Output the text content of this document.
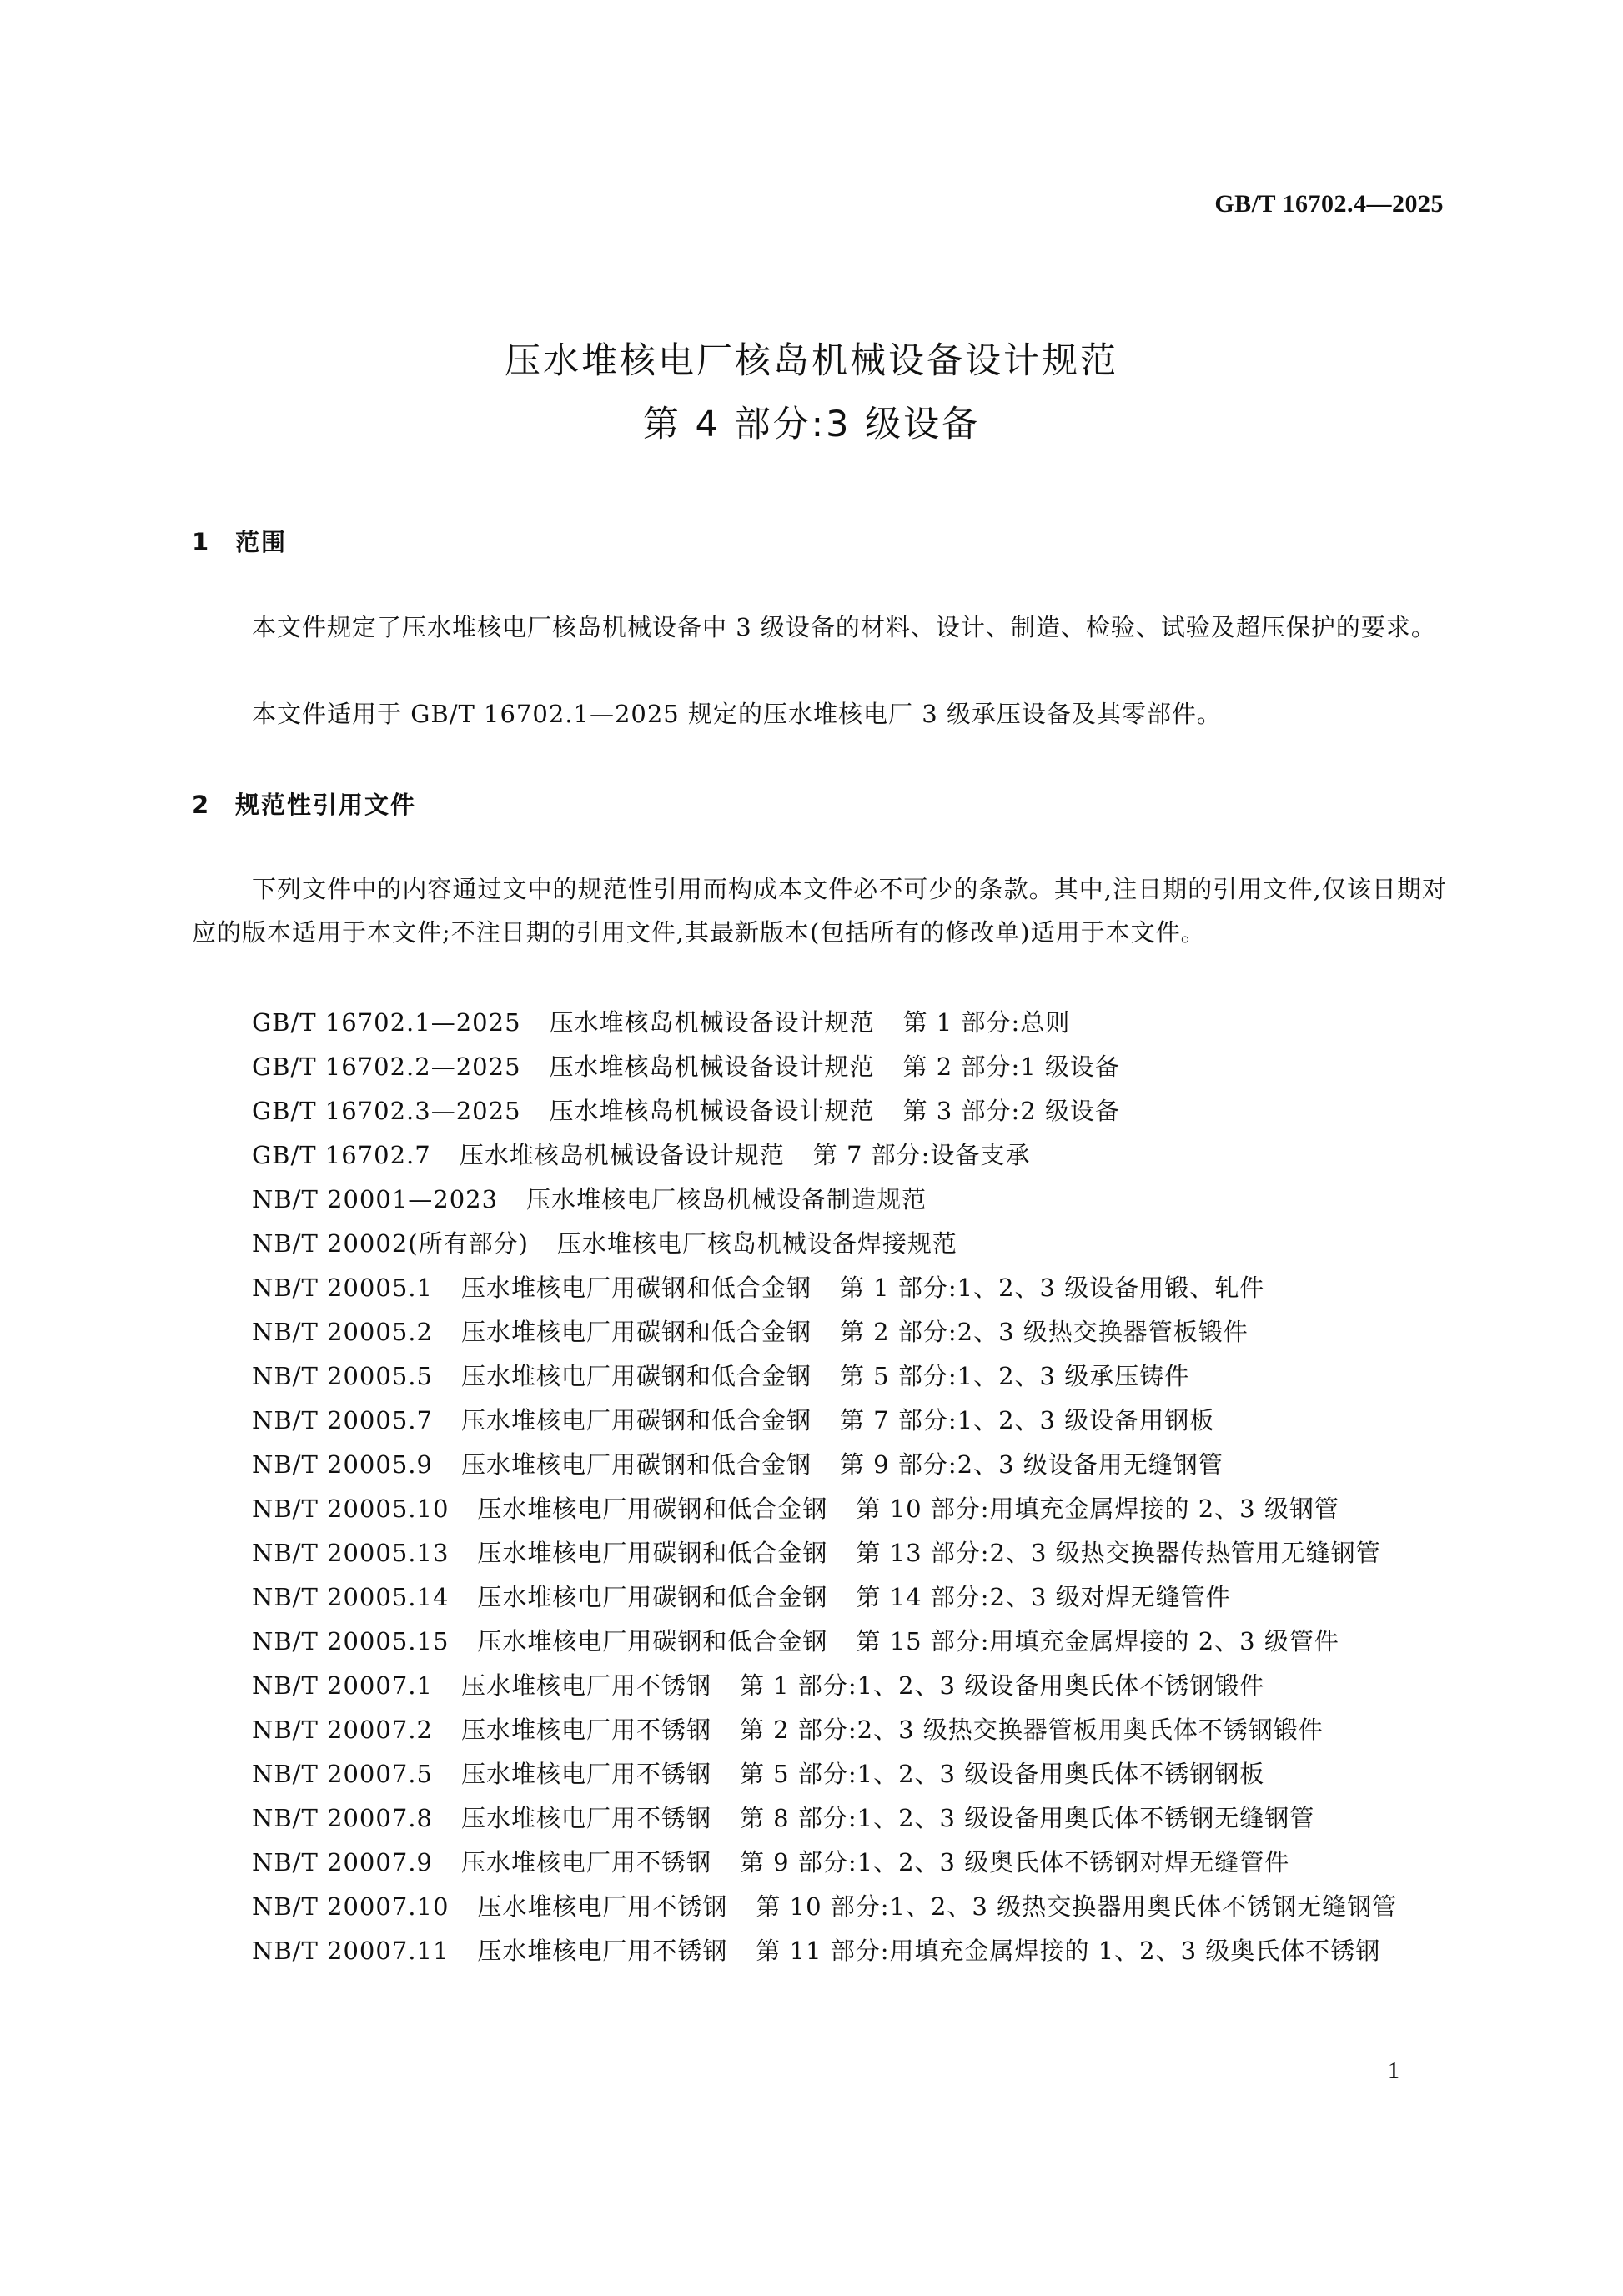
GB/T 16702.4—2025
压水堆核电厂核岛机械设备设计规范
第 4 部分:3 级设备
1 范围
本文件规定了压水堆核电厂核岛机械设备中 3 级设备的材料、设计、制造、检验、试验及超压保护的要求。
本文件适用于 GB/T 16702.1—2025 规定的压水堆核电厂 3 级承压设备及其零部件。
2 规范性引用文件
下列文件中的内容通过文中的规范性引用而构成本文件必不可少的条款。其中,注日期的引用文件,仅该日期对应的版本适用于本文件;不注日期的引用文件,其最新版本(包括所有的修改单)适用于本文件。
GB/T 16702.1—2025 压水堆核岛机械设备设计规范 第 1 部分:总则
GB/T 16702.2—2025 压水堆核岛机械设备设计规范 第 2 部分:1 级设备
GB/T 16702.3—2025 压水堆核岛机械设备设计规范 第 3 部分:2 级设备
GB/T 16702.7 压水堆核岛机械设备设计规范 第 7 部分:设备支承
NB/T 20001—2023 压水堆核电厂核岛机械设备制造规范
NB/T 20002(所有部分) 压水堆核电厂核岛机械设备焊接规范
NB/T 20005.1 压水堆核电厂用碳钢和低合金钢 第 1 部分:1、2、3 级设备用锻、轧件
NB/T 20005.2 压水堆核电厂用碳钢和低合金钢 第 2 部分:2、3 级热交换器管板锻件
NB/T 20005.5 压水堆核电厂用碳钢和低合金钢 第 5 部分:1、2、3 级承压铸件
NB/T 20005.7 压水堆核电厂用碳钢和低合金钢 第 7 部分:1、2、3 级设备用钢板
NB/T 20005.9 压水堆核电厂用碳钢和低合金钢 第 9 部分:2、3 级设备用无缝钢管
NB/T 20005.10 压水堆核电厂用碳钢和低合金钢 第 10 部分:用填充金属焊接的 2、3 级钢管
NB/T 20005.13 压水堆核电厂用碳钢和低合金钢 第 13 部分:2、3 级热交换器传热管用无缝钢管
NB/T 20005.14 压水堆核电厂用碳钢和低合金钢 第 14 部分:2、3 级对焊无缝管件
NB/T 20005.15 压水堆核电厂用碳钢和低合金钢 第 15 部分:用填充金属焊接的 2、3 级管件
NB/T 20007.1 压水堆核电厂用不锈钢 第 1 部分:1、2、3 级设备用奥氏体不锈钢锻件
NB/T 20007.2 压水堆核电厂用不锈钢 第 2 部分:2、3 级热交换器管板用奥氏体不锈钢锻件
NB/T 20007.5 压水堆核电厂用不锈钢 第 5 部分:1、2、3 级设备用奥氏体不锈钢钢板
NB/T 20007.8 压水堆核电厂用不锈钢 第 8 部分:1、2、3 级设备用奥氏体不锈钢无缝钢管
NB/T 20007.9 压水堆核电厂用不锈钢 第 9 部分:1、2、3 级奥氏体不锈钢对焊无缝管件
NB/T 20007.10 压水堆核电厂用不锈钢 第 10 部分:1、2、3 级热交换器用奥氏体不锈钢无缝钢管
NB/T 20007.11 压水堆核电厂用不锈钢 第 11 部分:用填充金属焊接的 1、2、3 级奥氏体不锈钢
1
